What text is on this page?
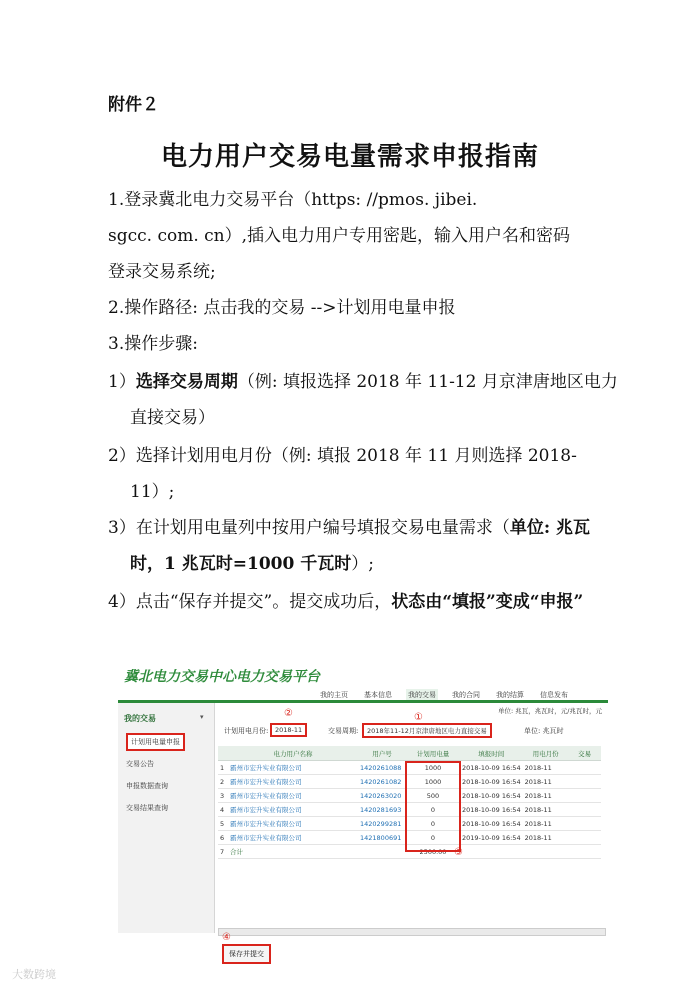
附件２
电力用户交易电量需求申报指南
1.登录冀北电力交易平台（https: //pmos. jibei.
sgcc. com. cn）,插入电力用户专用密匙，输入用户名和密码
登录交易系统;
2.操作路径: 点击我的交易 -->计划用电量申报
3.操作步骤:
1）选择交易周期（例: 填报选择 2018 年 11-12 月京津唐地区电力直接交易）
2）选择计划用电月份（例: 填报 2018 年 11 月则选择 2018-11）;
3）在计划用电量列中按用户编号填报交易电量需求（单位: 兆瓦时，1 兆瓦时=1000 千瓦时）;
4）点击“保存并提交”。提交成功后，状态由“填报”变成“申报”
冀北电力交易中心电力交易平台
我的主页 基本信息 我的交易 我的合同 我的结算 信息发布
我的交易	▾
计划用电量申报
交易公告
申报数据查询
交易结果查询
单位: 兆瓦，兆瓦时，元/兆瓦时，元
②	①
计划用电月份:	2018-11	交易周期:	2018年11-12月京津唐地区电力直接交易	单位: 兆瓦时
	电力用户名称	用户号	计划用电量	填报时间	用电月份	交易
1	霸州市宏升实业有限公司	1420261088	1000	2018-10-09 16:54	2018-11	
2	霸州市宏升实业有限公司	1420261082	1000	2018-10-09 16:54	2018-11	
3	霸州市宏升实业有限公司	1420263020	500	2018-10-09 16:54	2018-11	
4	霸州市宏升实业有限公司	1420281693	0	2018-10-09 16:54	2018-11	
5	霸州市宏升实业有限公司	1420299281	0	2018-10-09 16:54	2018-11	
6	霸州市宏升实业有限公司	1421800691	0	2019-10-09 16:54	2018-11	
7	合计		2500.00			③
④
保存并提交
大数跨境
